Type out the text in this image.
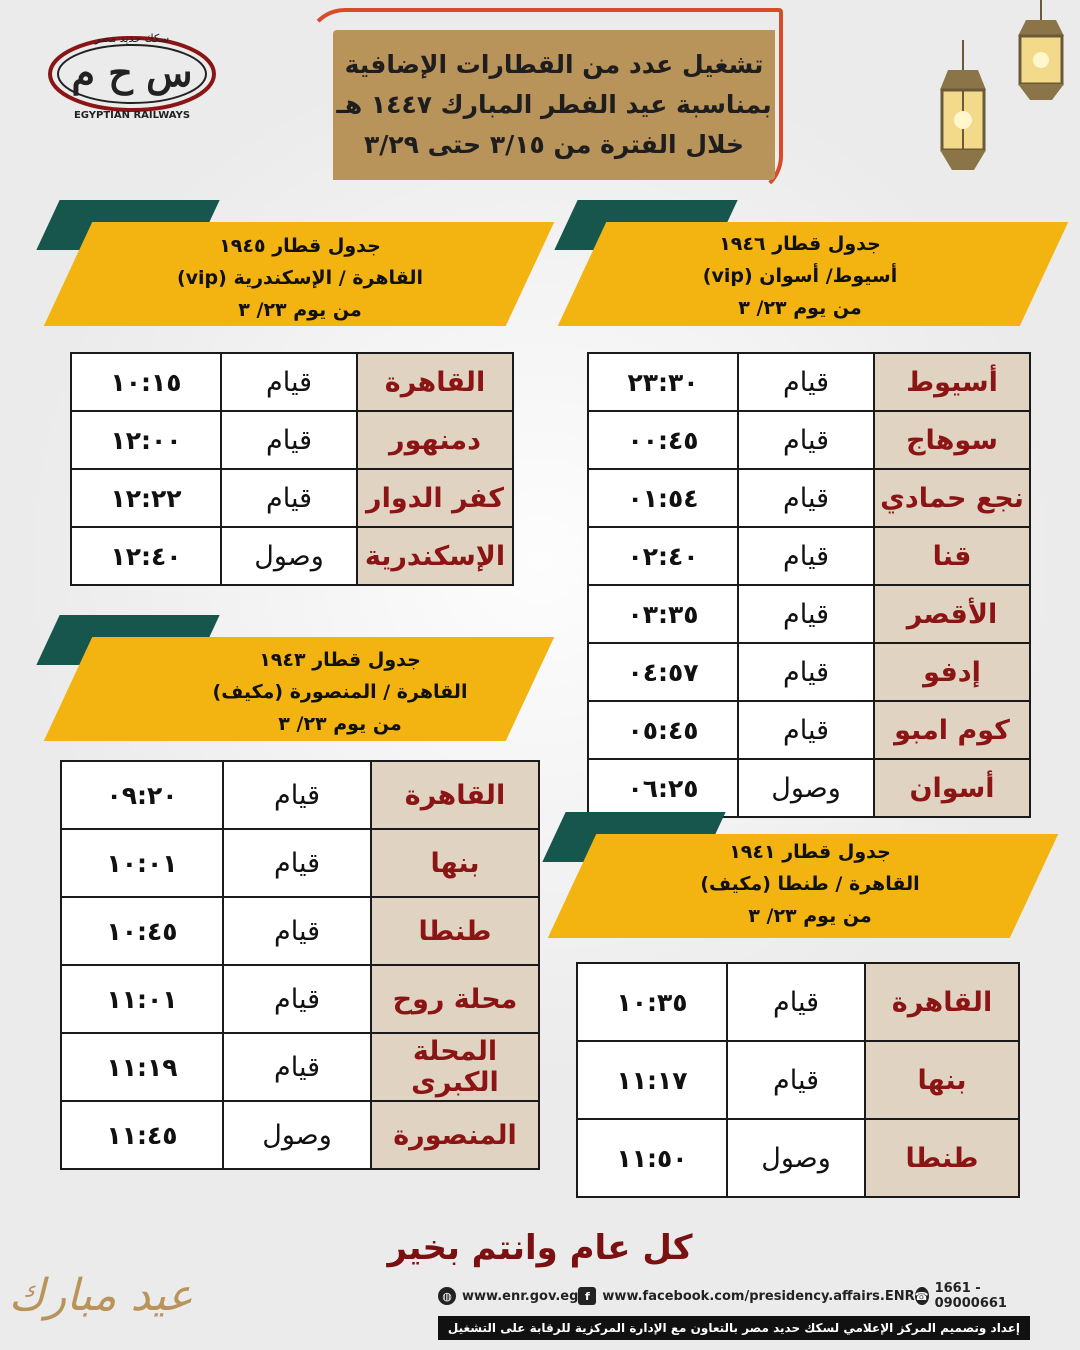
س ح م
سكك حديد مصر
EGYPTIAN RAILWAYS
تشغيل عدد من القطارات الإضافية
بمناسبة عيد الفطر المبارك ١٤٤٧ هـ
خلال الفترة من ٣/١٥ حتى ٣/٢٩
جدول قطار ١٩٤٦
أسيوط/ أسوان (vip)
من يوم ٢٣/ ٣
أسيوط	قيام	٢٣:٣٠
سوهاج	قيام	٠٠:٤٥
نجع حمادي	قيام	٠١:٥٤
قنا	قيام	٠٢:٤٠
الأقصر	قيام	٠٣:٣٥
إدفو	قيام	٠٤:٥٧
كوم امبو	قيام	٠٥:٤٥
أسوان	وصول	٠٦:٢٥
جدول قطار ١٩٤٥
القاهرة / الإسكندرية (vip)
من يوم ٢٣/ ٣
القاهرة	قيام	١٠:١٥
دمنهور	قيام	١٢:٠٠
كفر الدوار	قيام	١٢:٢٢
الإسكندرية	وصول	١٢:٤٠
جدول قطار ١٩٤٣
القاهرة / المنصورة (مكيف)
من يوم ٢٣/ ٣
القاهرة	قيام	٠٩:٢٠
بنها	قيام	١٠:٠١
طنطا	قيام	١٠:٤٥
محلة روح	قيام	١١:٠١
المحلة الكبرى	قيام	١١:١٩
المنصورة	وصول	١١:٤٥
جدول قطار ١٩٤١
القاهرة / طنطا (مكيف)
من يوم ٢٣/ ٣
القاهرة	قيام	١٠:٣٥
بنها	قيام	١١:١٧
طنطا	وصول	١١:٥٠
كل عام وانتم بخير
عيد مبارك	◍ www.enr.gov.eg f www.facebook.com/presidency.affairs.ENR ☎ 1661 - 09000661
إعداد وتصميم المركز الإعلامي لسكك حديد مصر بالتعاون مع الإدارة المركزية للرقابة على التشغيل
